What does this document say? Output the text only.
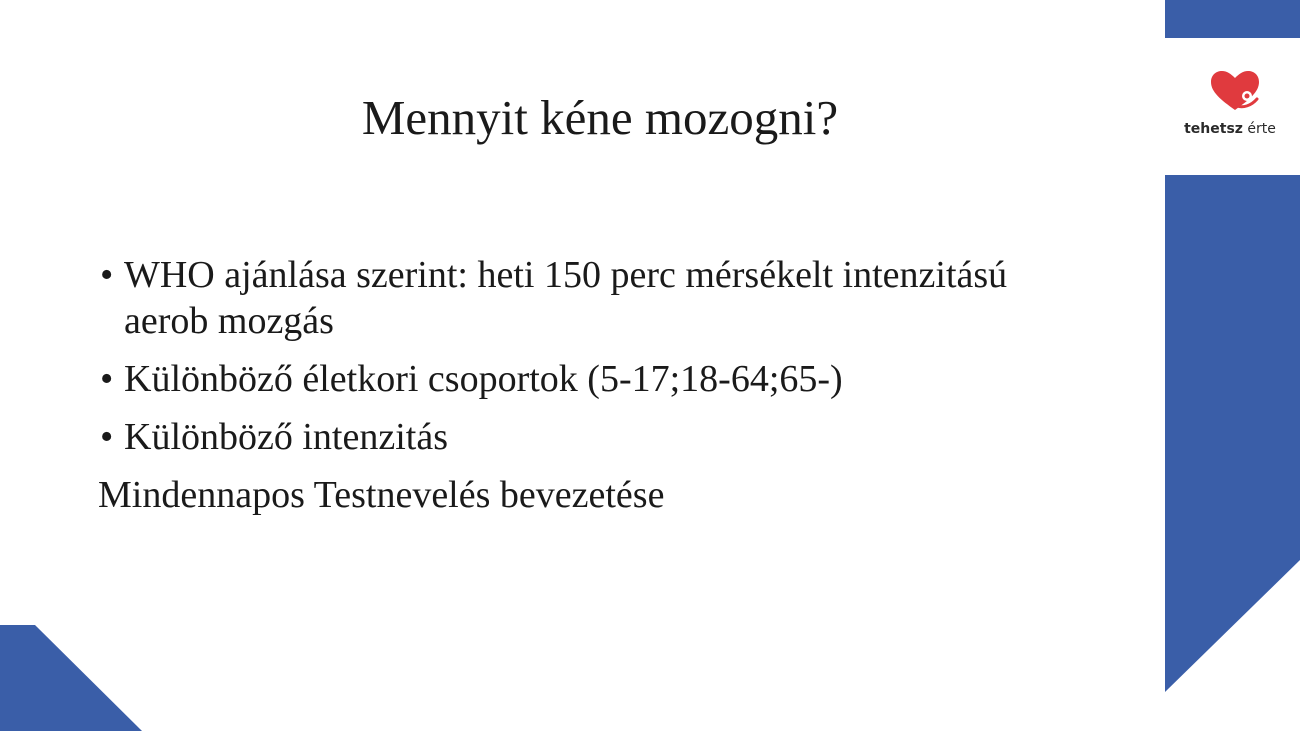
tehetsz érte
Mennyit kéne mozogni?
• WHO ajánlása szerint: heti 150 perc mérsékelt intenzitású aerob mozgás
• Különböző életkori csoportok (5-17;18-64;65-)
• Különböző intenzitás
Mindennapos Testnevelés bevezetése
